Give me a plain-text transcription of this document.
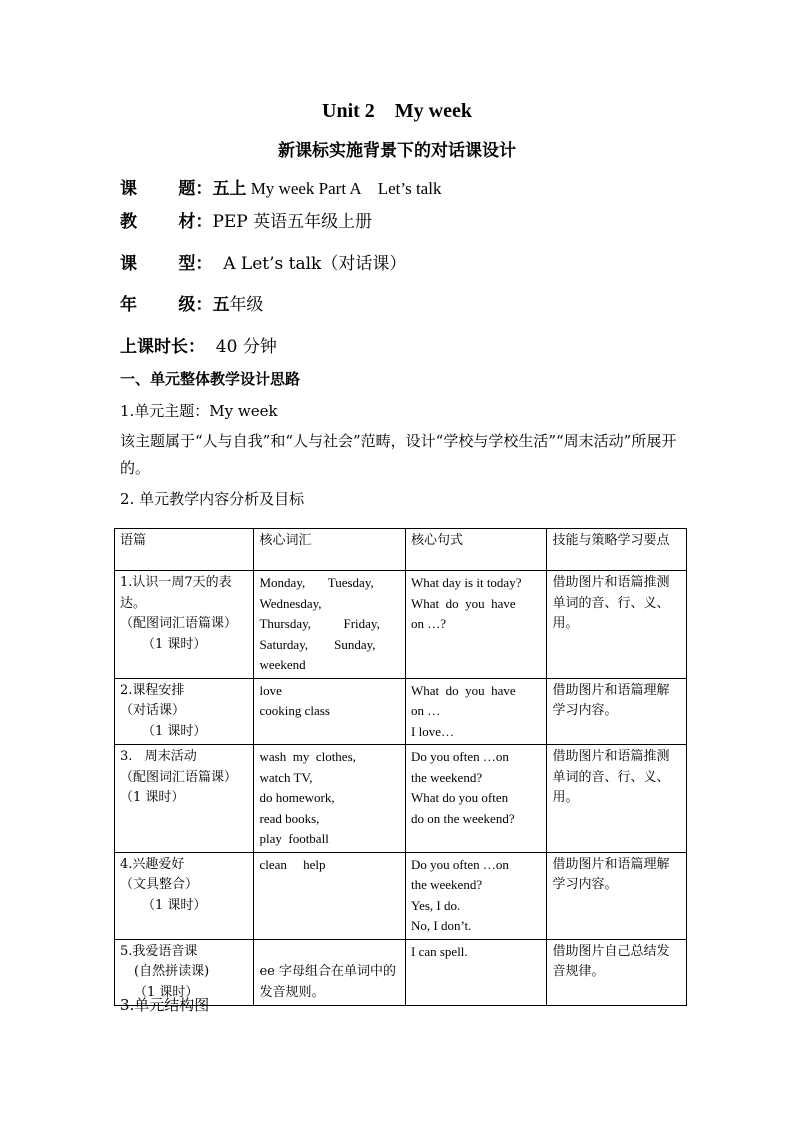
Unit 2    My week
新课标实施背景下的对话课设计
课       题：五上 My week Part A    Let’s talk
教       材：PEP 英语五年级上册
课       型：  A Let’s talk（对话课）
年       级：五年级
上课时长：  40 分钟
一、单元整体教学设计思路
1.单元主题：My week
该主题属于“人与自我”和“人与社会”范畴，设计“学校与学校生活”“周末活动”所展开的。
2. 单元教学内容分析及目标
语篇	核心词汇	核心句式	技能与策略学习要点

1.认识一周7天的表达。
（配图词汇语篇课）
（1 课时）	Monday,       Tuesday,
Wednesday,
Thursday,          Friday,
Saturday,        Sunday,
weekend	What day is it today?
What  do  you  have
on …?	借助图片和语篇推测单词的音、行、义、用。

2.课程安排
（对话课）
（1 课时）	love
cooking class	What  do  you  have
on …
I love…	借助图片和语篇理解学习内容。

3.   周末活动
（配图词汇语篇课）
（1 课时）	wash  my  clothes,
watch TV,
do homework,
read books,
play  football	Do you often …on
the weekend?
What do you often
do on the weekend?	借助图片和语篇推测单词的音、行、义、用。

4.兴趣爱好
（文具整合）
（1 课时）	clean     help	Do you often …on
the weekend?
Yes, I do.
No, I don’t.	借助图片和语篇理解学习内容。

5.我爱语音课
(自然拼读课)
（1 课时）	ee 字母组合在单词中的发音规则。	I can spell.	借助图片自己总结发音规律。
3.单元结构图
